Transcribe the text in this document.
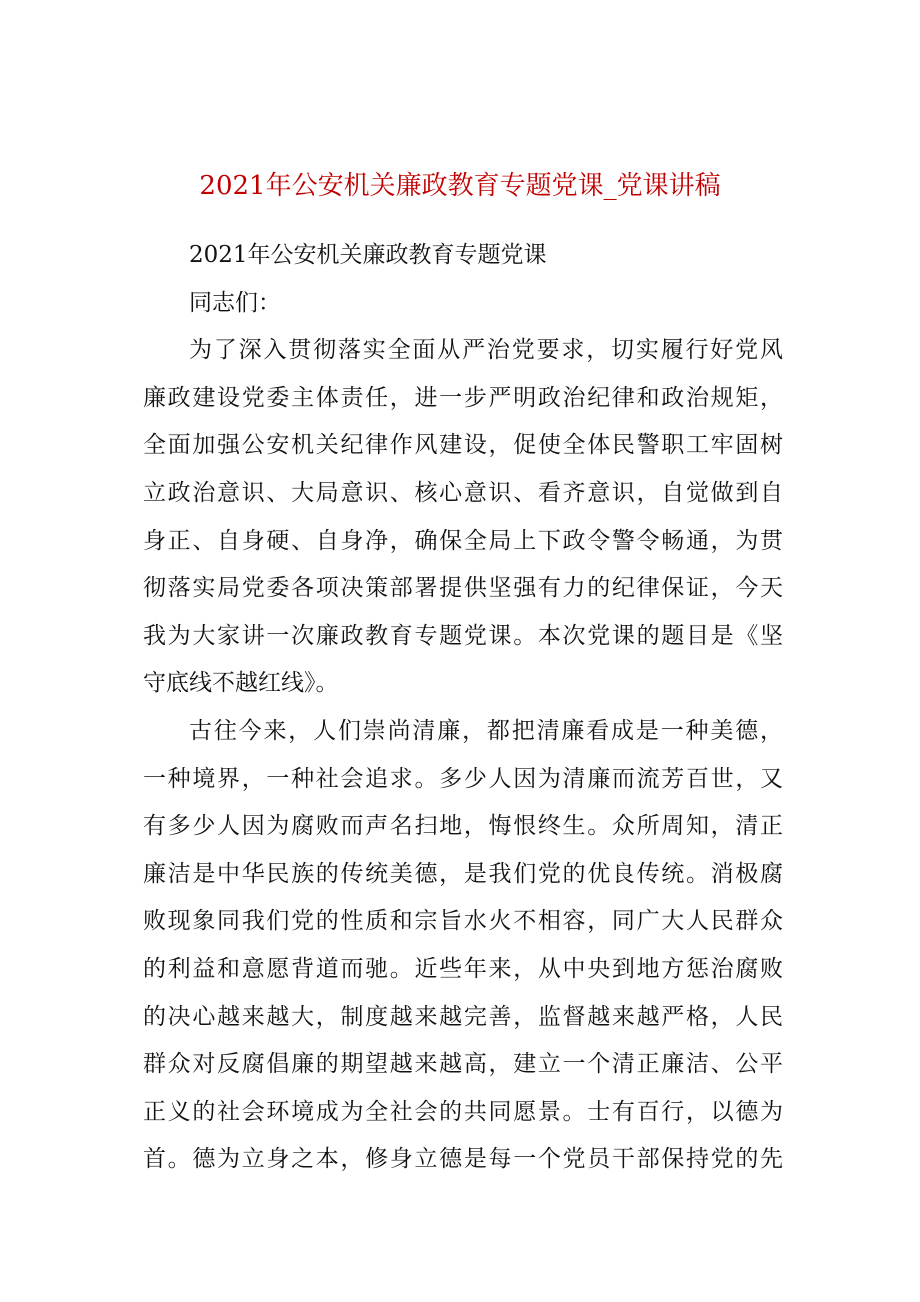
2021年公安机关廉政教育专题党课_党课讲稿
2021年公安机关廉政教育专题党课
同志们：
为了深入贯彻落实全面从严治党要求，切实履行好党风
廉政建设党委主体责任，进一步严明政治纪律和政治规矩，
全面加强公安机关纪律作风建设，促使全体民警职工牢固树
立政治意识、大局意识、核心意识、看齐意识，自觉做到自
身正、自身硬、自身净，确保全局上下政令警令畅通，为贯
彻落实局党委各项决策部署提供坚强有力的纪律保证，今天
我为大家讲一次廉政教育专题党课。本次党课的题目是《坚
守底线不越红线》。
古往今来，人们崇尚清廉，都把清廉看成是一种美德，
一种境界，一种社会追求。多少人因为清廉而流芳百世，又
有多少人因为腐败而声名扫地，悔恨终生。众所周知，清正
廉洁是中华民族的传统美德，是我们党的优良传统。消极腐
败现象同我们党的性质和宗旨水火不相容，同广大人民群众
的利益和意愿背道而驰。近些年来，从中央到地方惩治腐败
的决心越来越大，制度越来越完善，监督越来越严格，人民
群众对反腐倡廉的期望越来越高，建立一个清正廉洁、公平
正义的社会环境成为全社会的共同愿景。士有百行，以德为
首。德为立身之本，修身立德是每一个党员干部保持党的先
